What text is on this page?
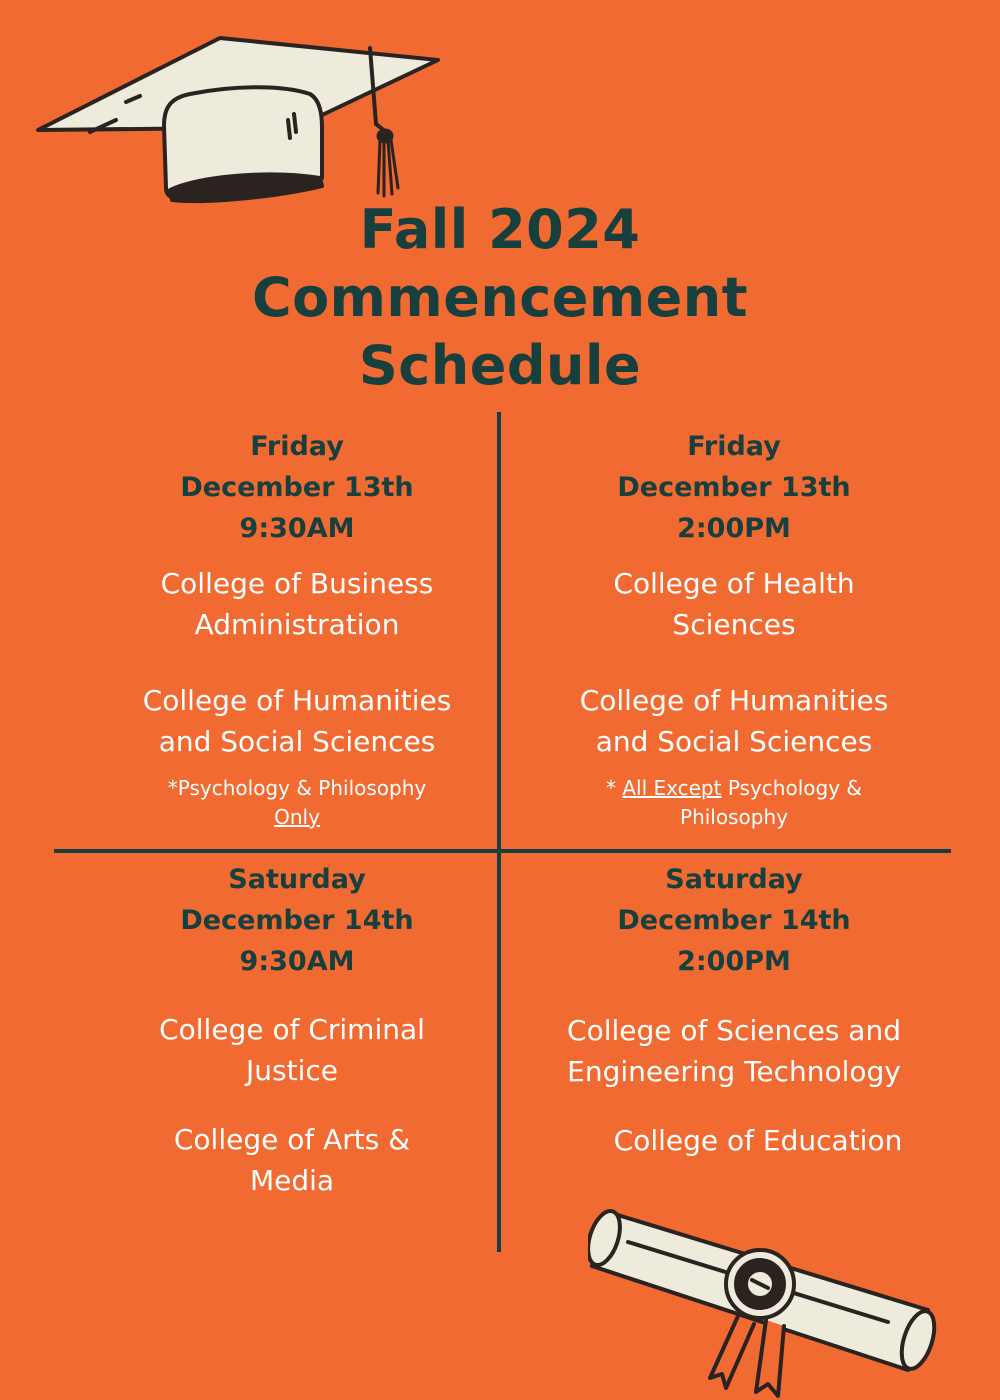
Fall 2024
Commencement
Schedule
Friday
December 13th
9:30AM
College of Business
Administration
College of Humanities
and Social Sciences
*Psychology & Philosophy
Only
Friday
December 13th
2:00PM
College of Health
Sciences
College of Humanities
and Social Sciences
* All Except Psychology &
Philosophy
Saturday
December 14th
9:30AM
College of Criminal
Justice
College of Arts &
Media
Saturday
December 14th
2:00PM
College of Sciences and
Engineering Technology
College of Education
